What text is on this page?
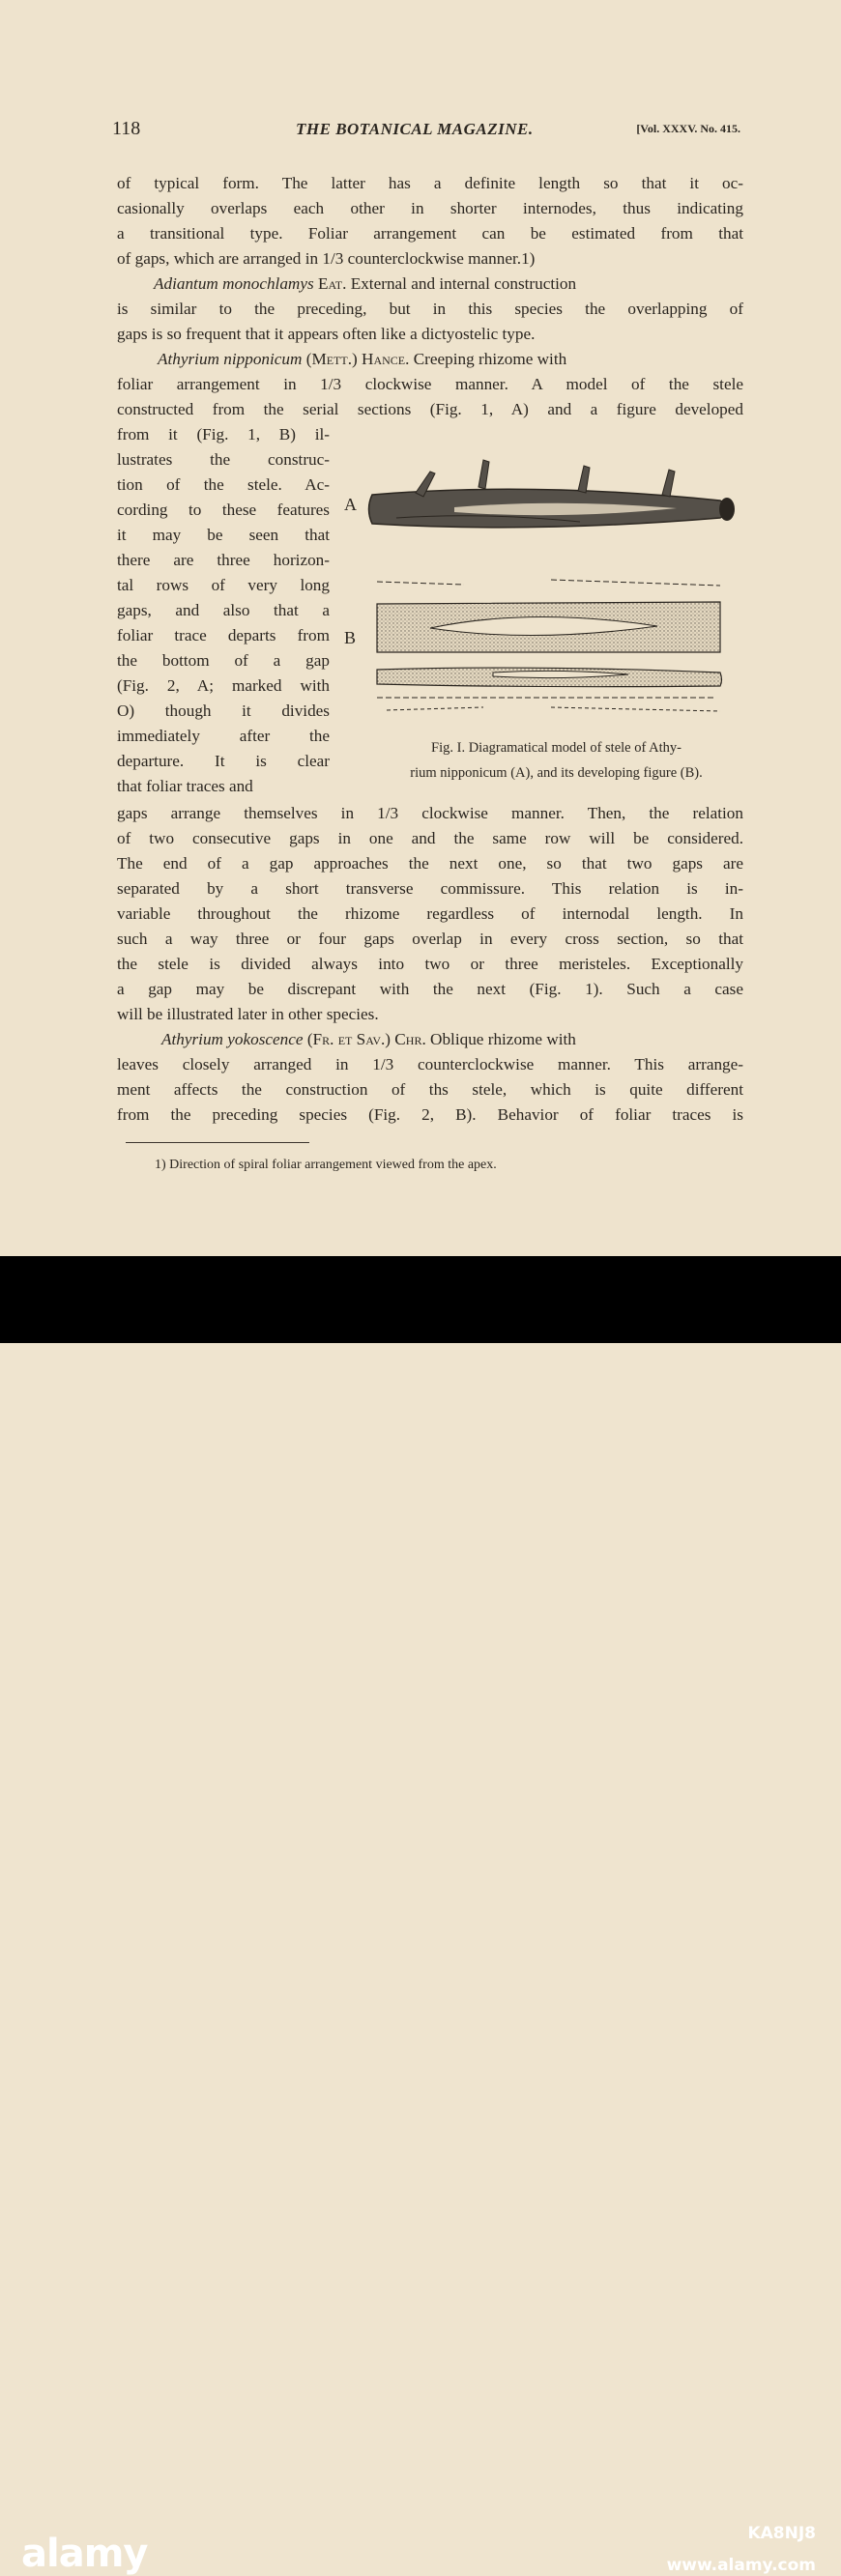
118	THE BOTANICAL MAGAZINE.	[Vol. XXXV. No. 415.
of typical form. The latter has a definite length so that it oc-
casionally overlaps each other in shorter internodes, thus indicating
a transitional type. Foliar arrangement can be estimated from that
of gaps, which are arranged in 1/3 counterclockwise manner.1)
Adiantum monochlamys Eat. External and internal construction
is similar to the preceding, but in this species the overlapping of
gaps is so frequent that it appears often like a dictyostelic type.
Athyrium nipponicum (Mett.) Hance. Creeping rhizome with
foliar arrangement in 1/3 clockwise manner. A model of the stele
constructed from the serial sections (Fig. 1, A) and a figure developed
from it (Fig. 1, B) il-
lustrates the construc-
tion of the stele. Ac-
cording to these features
it may be seen that
there are three horizon-
tal rows of very long
gaps, and also that a
foliar trace departs from
the bottom of a gap
(Fig. 2, A; marked with
O) though it divides
immediately after the
departure. It is clear
that foliar traces and
A
B
Fig. I. Diagramatical model of stele of Athy-
rium nipponicum (A), and its developing figure (B).
gaps arrange themselves in 1/3 clockwise manner. Then, the relation
of two consecutive gaps in one and the same row will be considered.
The end of a gap approaches the next one, so that two gaps are
separated by a short transverse commissure. This relation is in-
variable throughout the rhizome regardless of internodal length. In
such a way three or four gaps overlap in every cross section, so that
the stele is divided always into two or three meristeles. Exceptionally
a gap may be discrepant with the next (Fig. 1). Such a case
will be illustrated later in other species.
Athyrium yokoscence (Fr. et Sav.) Chr. Oblique rhizome with
leaves closely arranged in 1/3 counterclockwise manner. This arrange-
ment affects the construction of ths stele, which is quite different
from the preceding species (Fig. 2, B). Behavior of foliar traces is
1) Direction of spiral foliar arrangement viewed from the apex.
alamy	KA8NJ8
www.alamy.com
